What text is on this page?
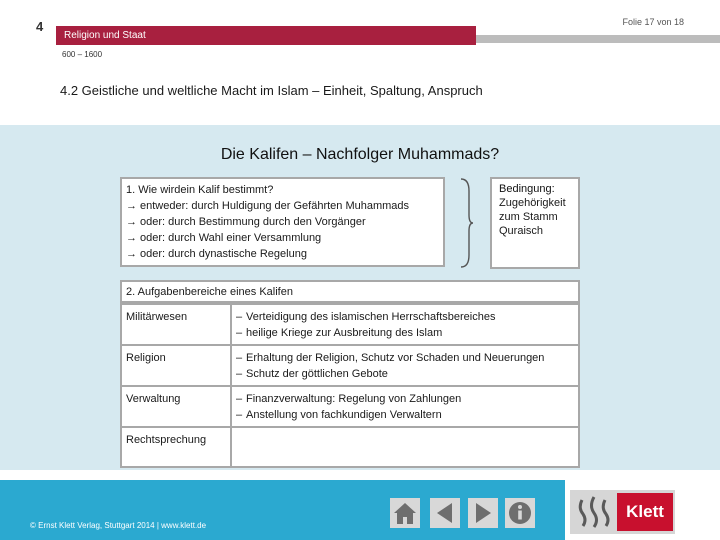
4	Folie 17 von 18
Religion und Staat
600 – 1600
4.2 Geistliche und weltliche Macht im Islam – Einheit, Spaltung, Anspruch
Die Kalifen – Nachfolger Muhammads?
1. Wie wirdein Kalif bestimmt?
→ entweder: durch Huldigung der Gefährten Muhammads
→ oder: durch Bestimmung durch den Vorgänger
→ oder: durch Wahl einer Versammlung
→ oder: durch dynastische Regelung
Bedingung:
Zugehörigkeit
zum Stamm
Quraisch
2. Aufgabenbereiche eines Kalifen
Militärwesen	– Verteidigung des islamischen Herrschaftsbereiches
– heilige Kriege zur Ausbreitung des Islam

Religion	– Erhaltung der Religion, Schutz vor Schaden und Neuerungen
– Schutz der göttlichen Gebote

Verwaltung	– Finanzverwaltung: Regelung von Zahlungen
– Anstellung von fachkundigen Verwaltern

Rechtsprechung	
© Ernst Klett Verlag, Stuttgart 2014 | www.klett.de
Klett
